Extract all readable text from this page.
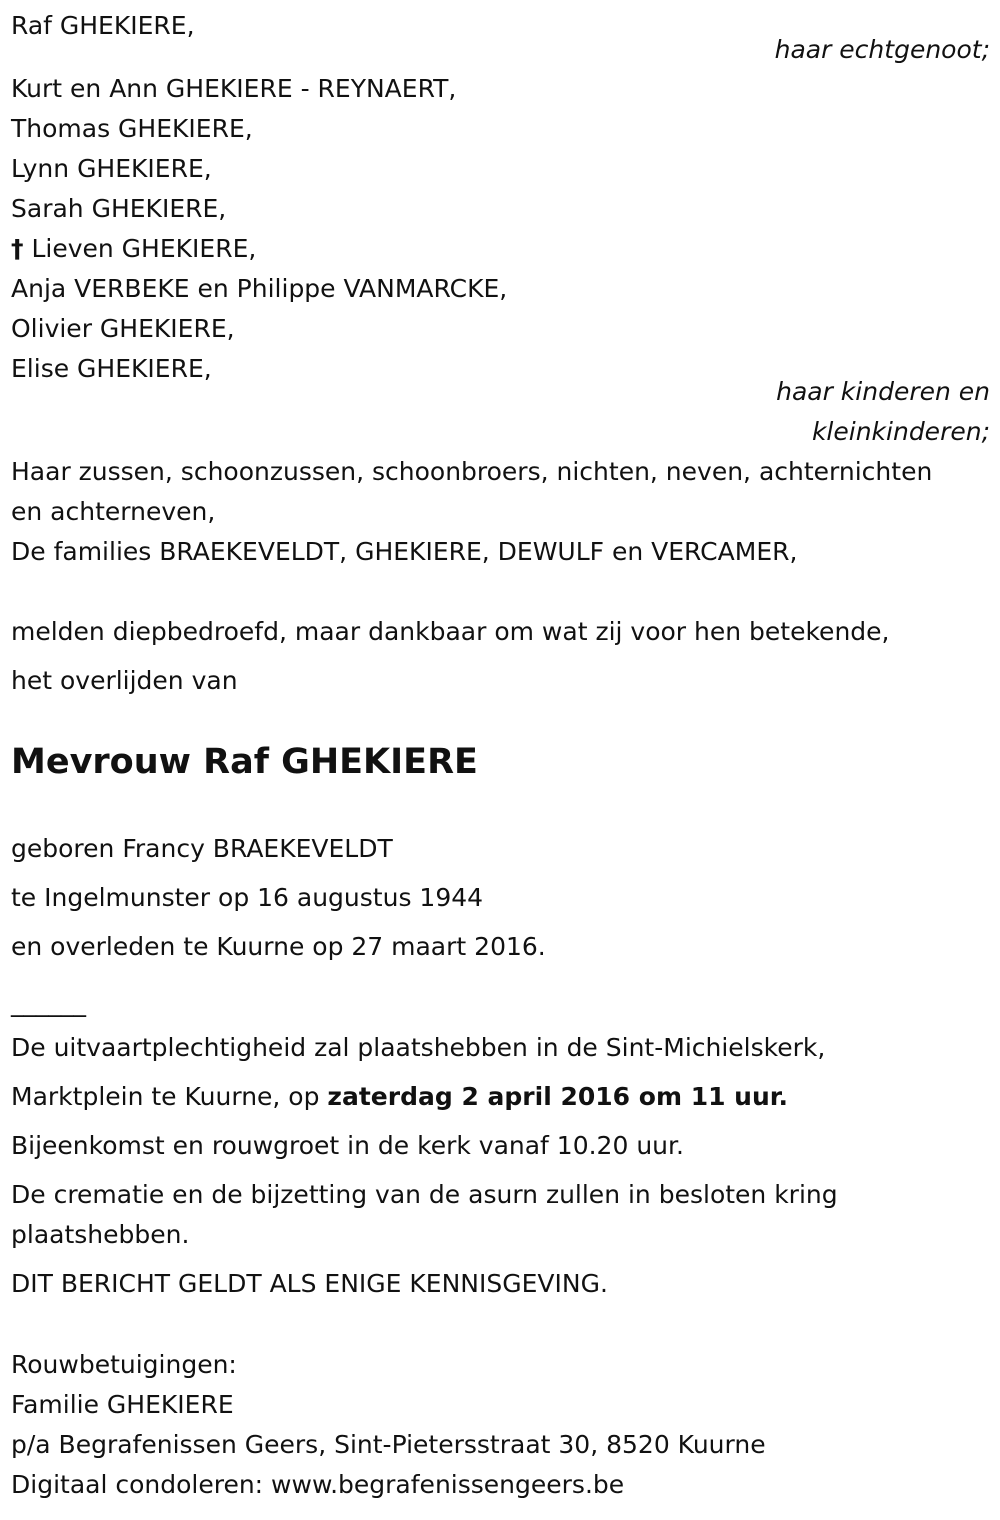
Raf GHEKIERE,
haar echtgenoot;
Kurt en Ann GHEKIERE - REYNAERT,
Thomas GHEKIERE,
Lynn GHEKIERE,
Sarah GHEKIERE,
† Lieven GHEKIERE,
Anja VERBEKE en Philippe VANMARCKE,
Olivier GHEKIERE,
Elise GHEKIERE,
haar kinderen en
kleinkinderen;
Haar zussen, schoonzussen, schoonbroers, nichten, neven, achternichten
en achterneven,
De families BRAEKEVELDT, GHEKIERE, DEWULF en VERCAMER,
melden diepbedroefd, maar dankbaar om wat zij voor hen betekende,
het overlijden van
Mevrouw Raf GHEKIERE
geboren Francy BRAEKEVELDT
te Ingelmunster op 16 augustus 1944
en overleden te Kuurne op 27 maart 2016.
______
De uitvaartplechtigheid zal plaatshebben in de Sint-Michielskerk,
Marktplein te Kuurne, op zaterdag 2 april 2016 om 11 uur.
Bijeenkomst en rouwgroet in de kerk vanaf 10.20 uur.
De crematie en de bijzetting van de asurn zullen in besloten kring
plaatshebben.
DIT BERICHT GELDT ALS ENIGE KENNISGEVING.
Rouwbetuigingen:
Familie GHEKIERE
p/a Begrafenissen Geers, Sint-Pietersstraat 30, 8520 Kuurne
Digitaal condoleren: www.begrafenissengeers.be
